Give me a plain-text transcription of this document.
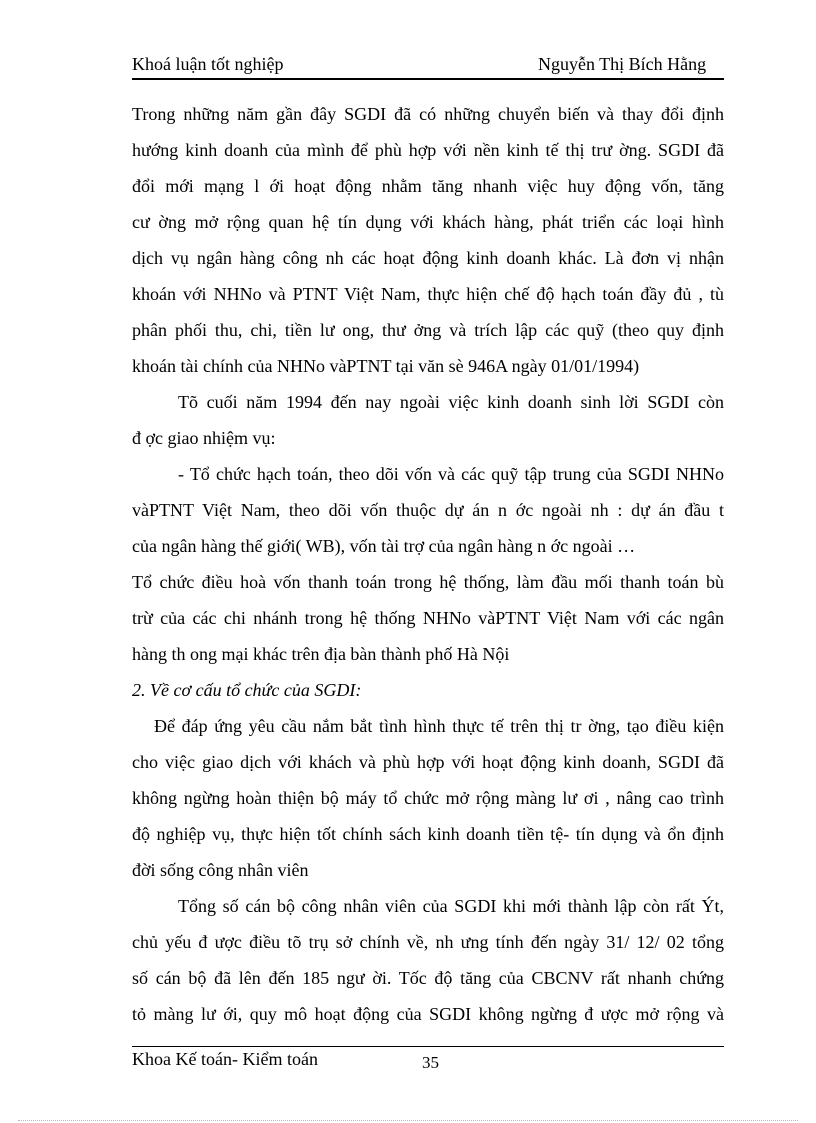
Khoá luận tốt nghiệp	Nguyễn Thị Bích Hằng
Trong những năm gần đây SGDI đã có những chuyển biến và thay đổi định
hướng kinh doanh của mình để phù hợp với nền kinh tế thị trư ờng. SGDI đã
đổi mới mạng l ới hoạt động nhằm tăng nhanh việc huy động vốn, tăng
cư ờng mở rộng quan hệ tín dụng với khách hàng, phát triển các loại hình
dịch vụ ngân hàng công nh các hoạt động kinh doanh khác. Là đơn vị nhận
khoán với NHNo và PTNT Việt Nam, thực hiện chế độ hạch toán đầy đủ , tù
phân phối thu, chi, tiền lư ong, thư ởng và trích lập các quỹ (theo quy định
khoán tài chính của NHNo vàPTNT tại văn sè 946A ngày 01/01/1994)
Tõ cuối năm 1994 đến nay ngoài việc kinh doanh sinh lời SGDI còn
đ ợc giao nhiệm vụ:
- Tổ chức hạch toán, theo dõi vốn và các quỹ tập trung của SGDI NHNo
vàPTNT Việt Nam, theo dõi vốn thuộc dự án n ớc ngoài nh : dự án đầu t
của ngân hàng thế giới( WB), vốn tài trợ của ngân hàng n ớc ngoài …
Tổ chức điều hoà vốn thanh toán trong hệ thống, làm đầu mối thanh toán bù
trừ của các chi nhánh trong hệ thống NHNo vàPTNT Việt Nam với các ngân
hàng th ong mại khác trên địa bàn thành phố Hà Nội
2. Về cơ cấu tổ chức của SGDI:
Để đáp ứng yêu cầu nắm bắt tình hình thực tế trên thị tr ờng, tạo điều kiện
cho việc giao dịch với khách và phù hợp với hoạt động kinh doanh, SGDI đã
không ngừng hoàn thiện bộ máy tổ chức mở rộng màng lư ơi , nâng cao trình
độ nghiệp vụ, thực hiện tốt chính sách kinh doanh tiền tệ- tín dụng và ổn định
đời sống công nhân viên
Tổng số cán bộ công nhân viên của SGDI khi mới thành lập còn rất Ýt,
chủ yếu đ ược điều tõ trụ sở chính về, nh ưng tính đến ngày 31/ 12/ 02 tổng
số cán bộ đã lên đến 185 ngư ời. Tốc độ tăng của CBCNV rất nhanh chứng
tỏ màng lư ới, quy mô hoạt động của SGDI không ngừng đ ược mở rộng và
Khoa Kế toán- Kiểm toán	35
